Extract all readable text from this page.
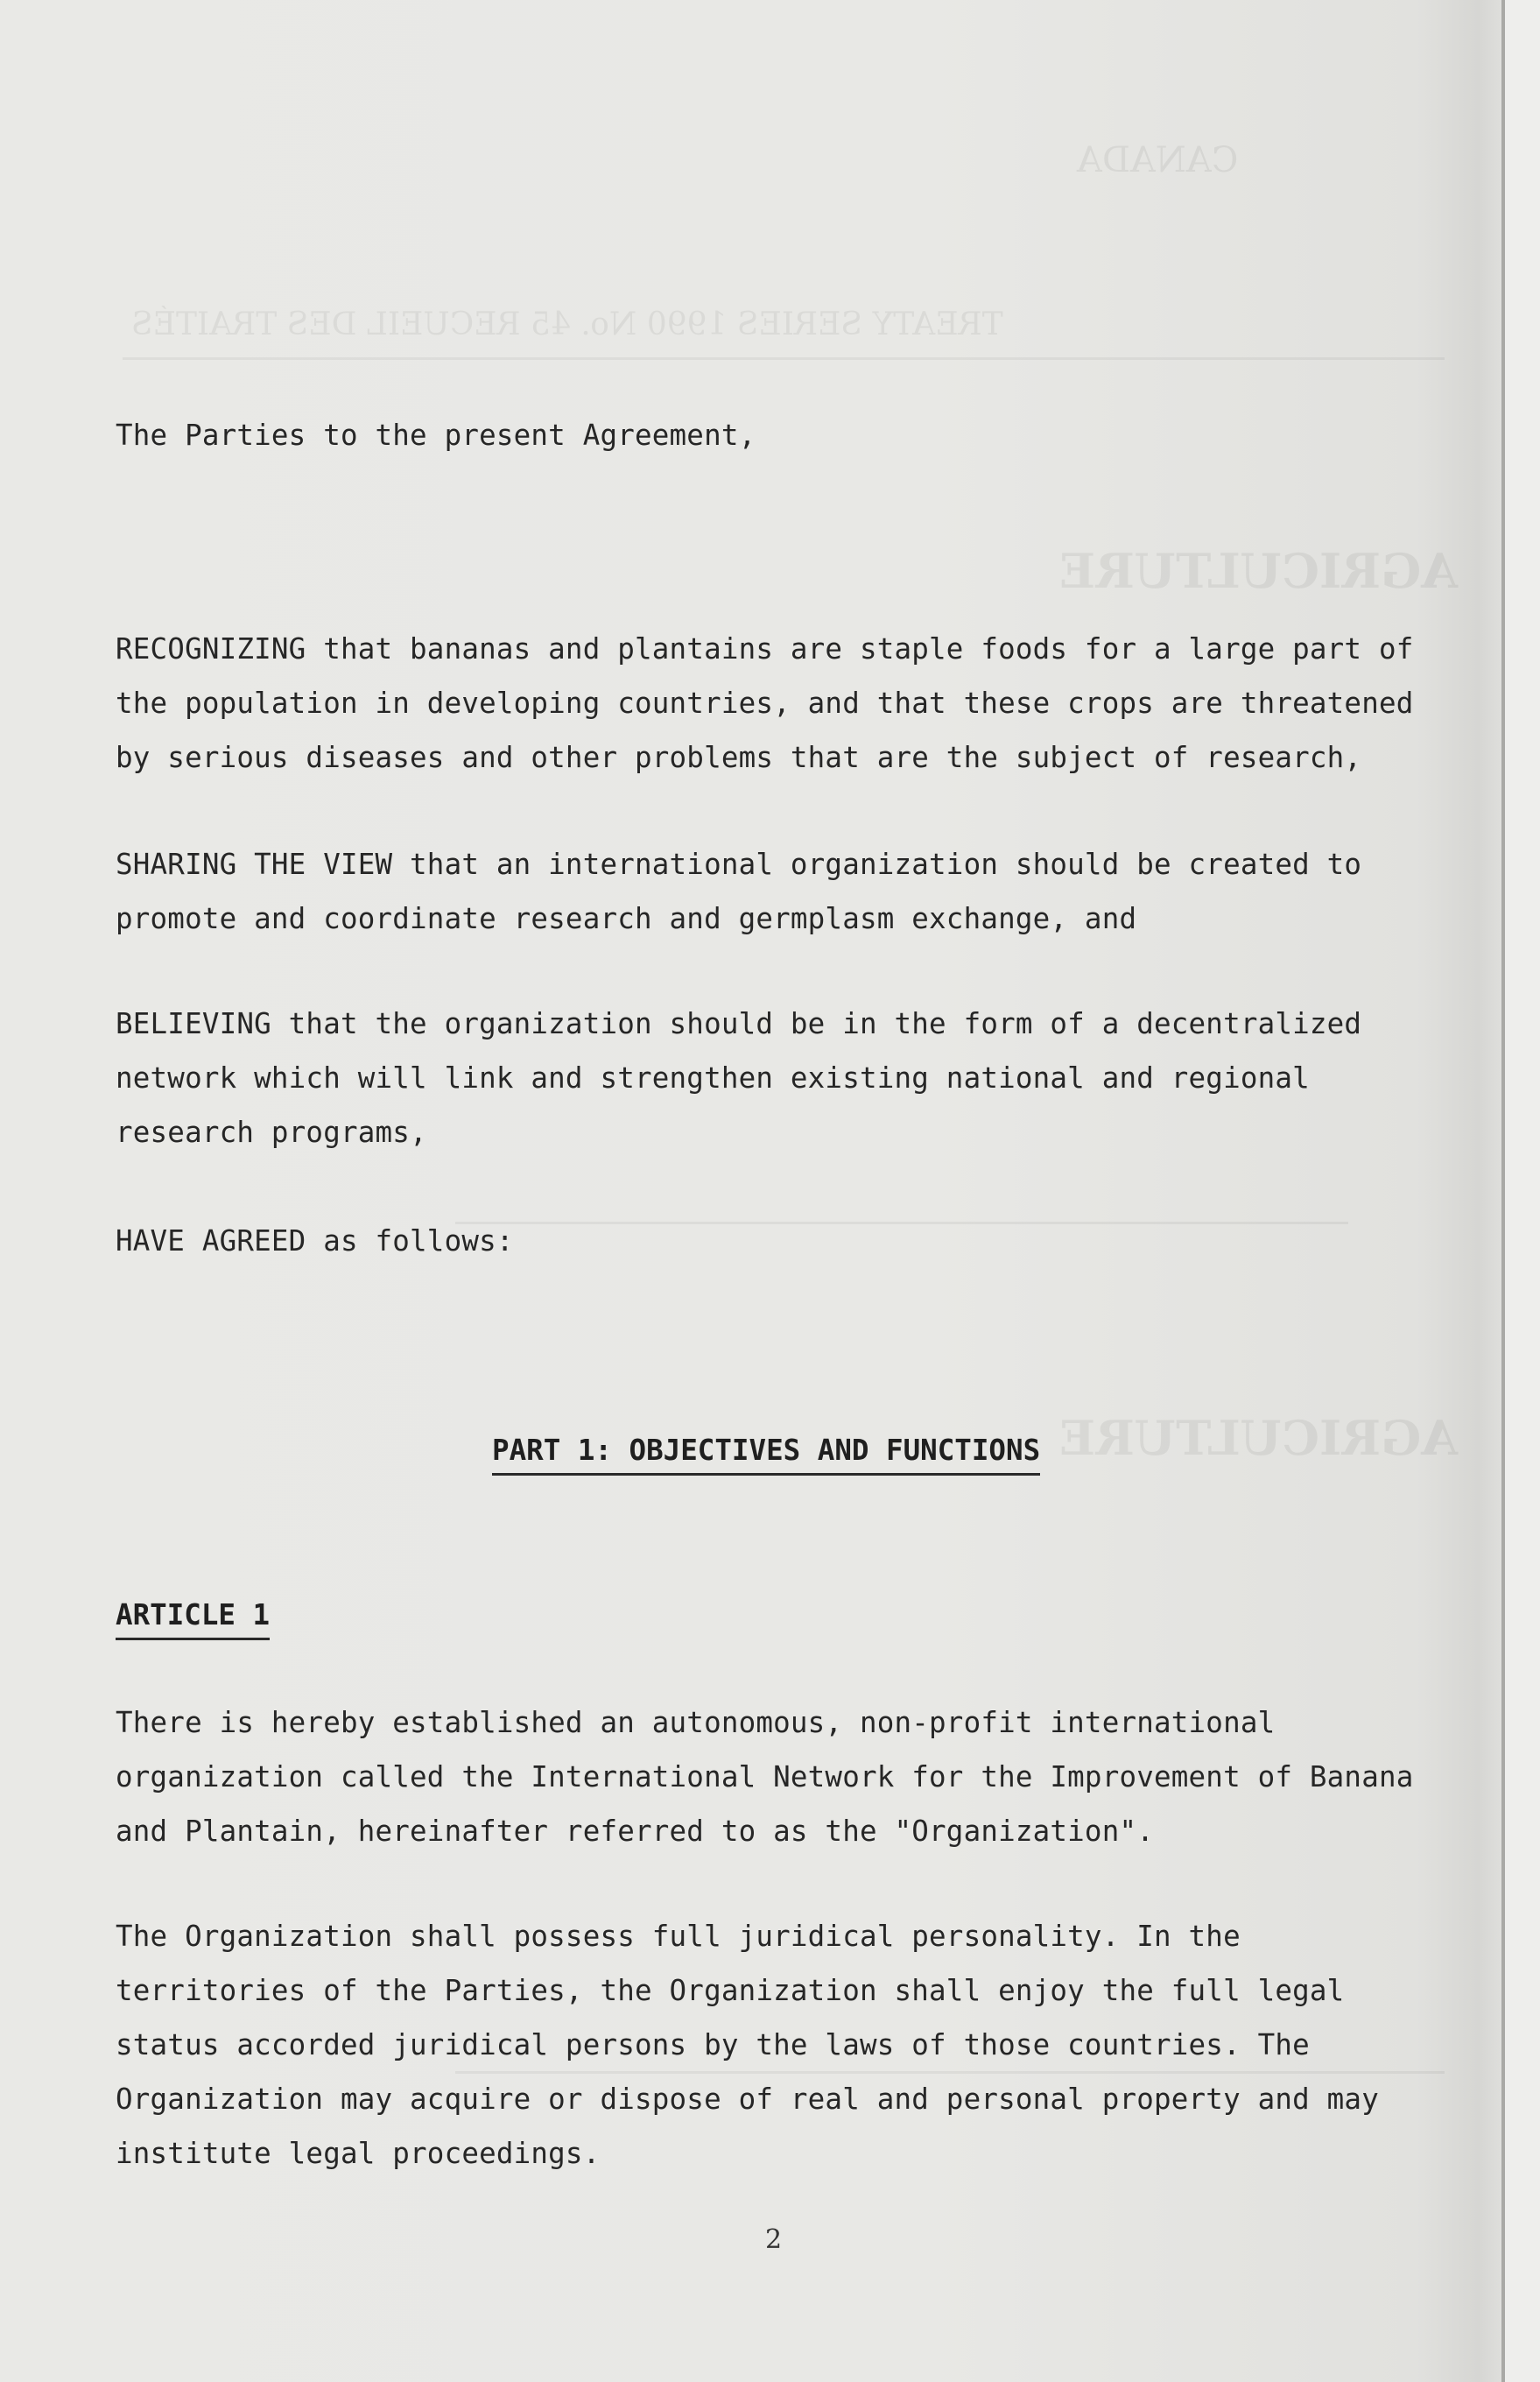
CANADA
TREATY SERIES 1990 No. 45 RECUEIL DES TRAITÉS
AGRICULTURE
AGRICULTURE
The Parties to the present Agreement,
RECOGNIZING that bananas and plantains are staple foods for a large part of
the population in developing countries, and that these crops are threatened
by serious diseases and other problems that are the subject of research,
SHARING THE VIEW that an international organization should be created to
promote and coordinate research and germplasm exchange, and
BELIEVING that the organization should be in the form of a decentralized
network which will link and strengthen existing national and regional
research programs,
HAVE AGREED as follows:
PART 1: OBJECTIVES AND FUNCTIONS
ARTICLE 1
There is hereby established an autonomous, non-profit international
organization called the International Network for the Improvement of Banana
and Plantain, hereinafter referred to as the "Organization".
The Organization shall possess full juridical personality. In the
territories of the Parties, the Organization shall enjoy the full legal
status accorded juridical persons by the laws of those countries. The
Organization may acquire or dispose of real and personal property and may
institute legal proceedings.
2
